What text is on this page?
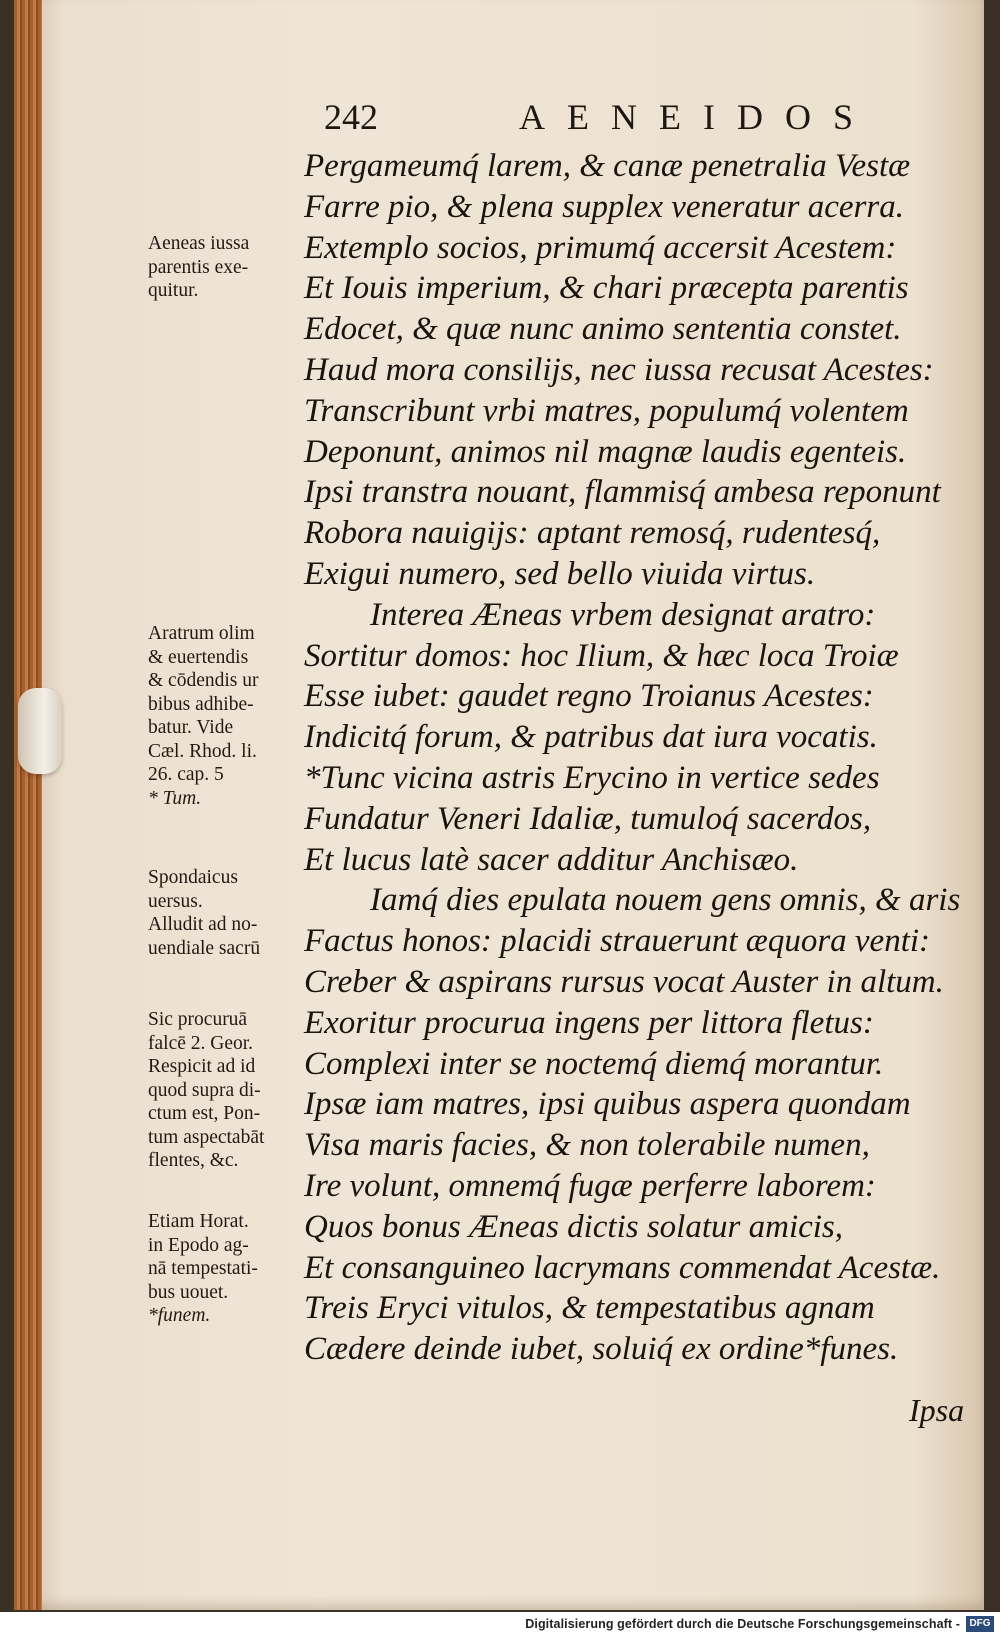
242	AENEIDOS
Pergameumq́ larem, & canæ penetralia Vestæ
Farre pio, & plena supplex veneratur acerra.
Extemplo socios, primumq́ accersit Acestem:
Et Iouis imperium, & chari præcepta parentis
Edocet, & quæ nunc animo sententia constet.
Haud mora consilijs, nec iussa recusat Acestes:
Transcribunt vrbi matres, populumq́ volentem
Deponunt, animos nil magnæ laudis egenteis.
Ipsi transtra nouant, flammisq́ ambesa reponunt
Robora nauigijs: aptant remosq́, rudentesq́,
Exigui numero, sed bello viuida virtus.
Interea Æneas vrbem designat aratro:
Sortitur domos: hoc Ilium, & hæc loca Troiæ
Esse iubet: gaudet regno Troianus Acestes:
Indicitq́ forum, & patribus dat iura vocatis.
*Tunc vicina astris Erycino in vertice sedes
Fundatur Veneri Idaliæ, tumuloq́ sacerdos,
Et lucus latè sacer additur Anchisæo.
Iamq́ dies epulata nouem gens omnis, & aris
Factus honos: placidi strauerunt æquora venti:
Creber & aspirans rursus vocat Auster in altum.
Exoritur procurua ingens per littora fletus:
Complexi inter se noctemq́ diemq́ morantur.
Ipsæ iam matres, ipsi quibus aspera quondam
Visa maris facies, & non tolerabile numen,
Ire volunt, omnemq́ fugæ perferre laborem:
Quos bonus Æneas dictis solatur amicis,
Et consanguineo lacrymans commendat Acestæ.
Treis Eryci vitulos, & tempestatibus agnam
Cædere deinde iubet, soluiq́ ex ordine*funes.
Aeneas iussa
parentis exe-
quitur.
Aratrum olim
& euertendis
& cōdendis ur
bibus adhibe-
batur. Vide
Cæl. Rhod. li.
26. cap. 5
* Tum.
Spondaicus
uersus.
Alludit ad no-
uendiale sacrū
Sic procuruā
falcē 2. Geor.
Respicit ad id
quod supra di-
ctum est, Pon-
tum aspectabāt
flentes, &c.
Etiam Horat.
in Epodo ag-
nā tempestati-
bus uouet.
*funem.
Ipsa
Digitalisierung gefördert durch die Deutsche Forschungsgemeinschaft - DFG
